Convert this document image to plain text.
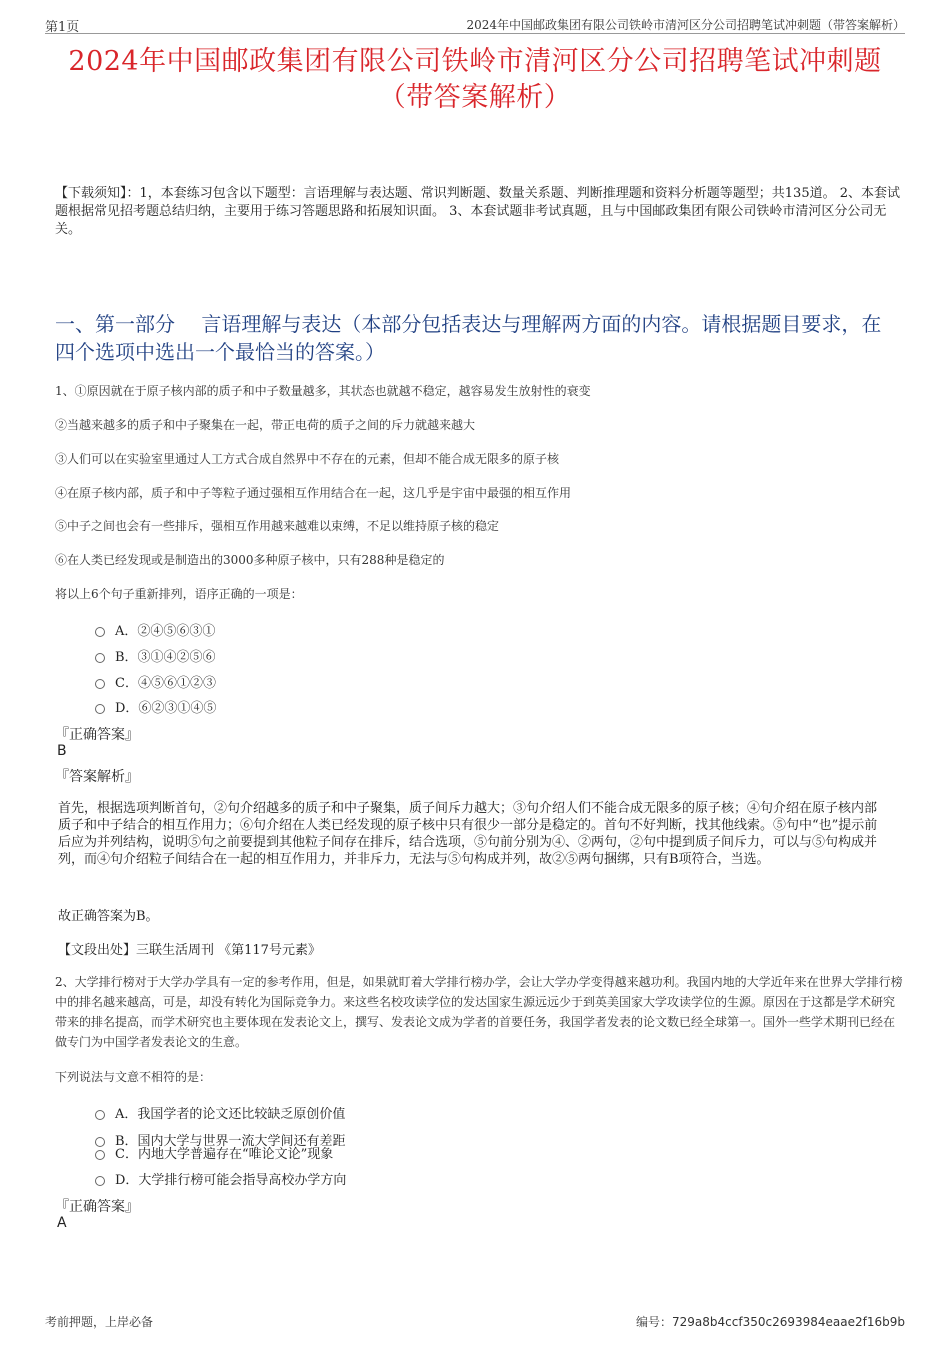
第1页	2024年中国邮政集团有限公司铁岭市清河区分公司招聘笔试冲刺题（带答案解析）
2024年中国邮政集团有限公司铁岭市清河区分公司招聘笔试冲刺题（带答案解析）
【下载须知】：1，本套练习包含以下题型：言语理解与表达题、常识判断题、数量关系题、判断推理题和资料分析题等题型；共135道。 2、本套试题根据常见招考题总结归纳，主要用于练习答题思路和拓展知识面。 3、本套试题非考试真题，且与中国邮政集团有限公司铁岭市清河区分公司无关。
一、第一部分　 言语理解与表达（本部分包括表达与理解两方面的内容。请根据题目要求，在四个选项中选出一个最恰当的答案。）
1、①原因就在于原子核内部的质子和中子数量越多，其状态也就越不稳定，越容易发生放射性的衰变
②当越来越多的质子和中子聚集在一起，带正电荷的质子之间的斥力就越来越大
③人们可以在实验室里通过人工方式合成自然界中不存在的元素，但却不能合成无限多的原子核
④在原子核内部，质子和中子等粒子通过强相互作用结合在一起，这几乎是宇宙中最强的相互作用
⑤中子之间也会有一些排斥，强相互作用越来越难以束缚，不足以维持原子核的稳定
⑥在人类已经发现或是制造出的3000多种原子核中，只有288种是稳定的
将以上6个句子重新排列，语序正确的一项是：
A．②④⑤⑥③①
B．③①④②⑤⑥
C．④⑤⑥①②③
D．⑥②③①④⑤
『正确答案』
B
『答案解析』
首先，根据选项判断首句，②句介绍越多的质子和中子聚集，质子间斥力越大；③句介绍人们不能合成无限多的原子核；④句介绍在原子核内部质子和中子结合的相互作用力；⑥句介绍在人类已经发现的原子核中只有很少一部分是稳定的。首句不好判断，找其他线索。⑤句中“也”提示前后应为并列结构，说明⑤句之前要提到其他粒子间存在排斥，结合选项，⑤句前分别为④、②两句，②句中提到质子间斥力，可以与⑤句构成并列，而④句介绍粒子间结合在一起的相互作用力，并非斥力，无法与⑤句构成并列，故②⑤两句捆绑，只有B项符合，当选。
故正确答案为B。
【文段出处】三联生活周刊 《第117号元素》
2、大学排行榜对于大学办学具有一定的参考作用，但是，如果就盯着大学排行榜办学，会让大学办学变得越来越功利。我国内地的大学近年来在世界大学排行榜中的排名越来越高，可是，却没有转化为国际竞争力。来这些名校攻读学位的发达国家生源远远少于到英美国家大学攻读学位的生源。原因在于这都是学术研究带来的排名提高，而学术研究也主要体现在发表论文上，撰写、发表论文成为学者的首要任务，我国学者发表的论文数已经全球第一。国外一些学术期刊已经在做专门为中国学者发表论文的生意。
下列说法与文意不相符的是：
A．我国学者的论文还比较缺乏原创价值
B．国内大学与世界一流大学间还有差距
C．内地大学普遍存在“唯论文论”现象
D．大学排行榜可能会指导高校办学方向
『正确答案』
A
考前押题，上岸必备	编号：729a8b4ccf350c2693984eaae2f16b9b
